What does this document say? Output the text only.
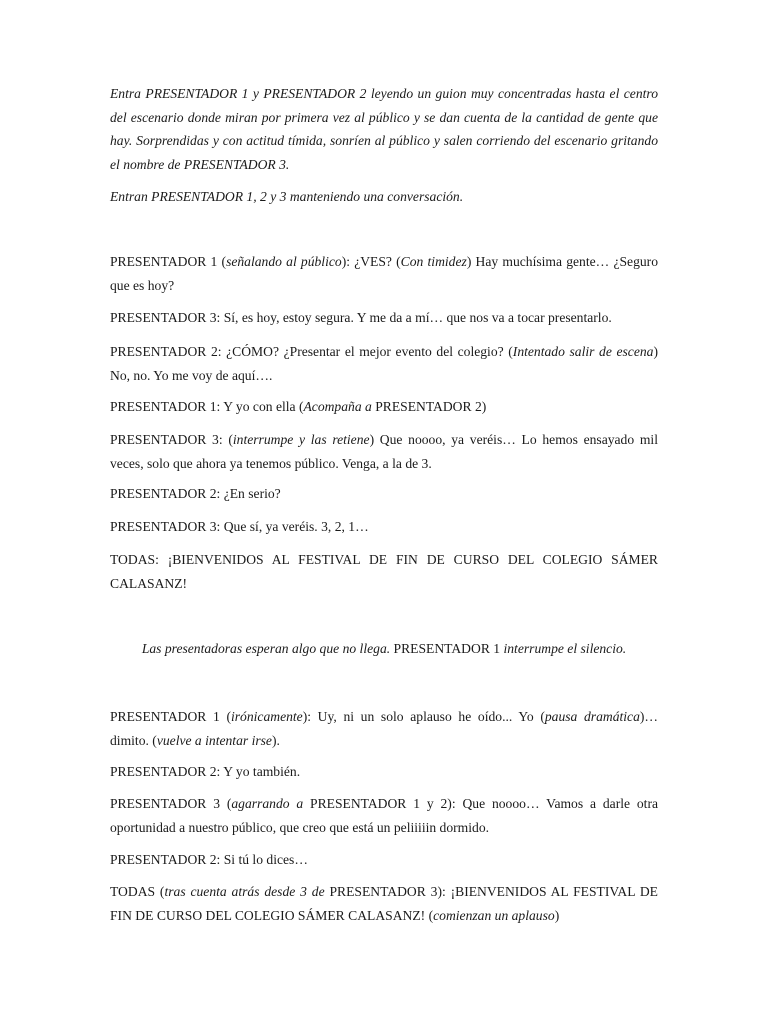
Entra PRESENTADOR 1 y PRESENTADOR 2 leyendo un guion muy concentradas hasta el centro del escenario donde miran por primera vez al público y se dan cuenta de la cantidad de gente que hay. Sorprendidas y con actitud tímida, sonríen al público y salen corriendo del escenario gritando el nombre de PRESENTADOR 3.

Entran PRESENTADOR 1, 2 y 3 manteniendo una conversación.

PRESENTADOR 1 (señalando al público): ¿VES? (Con timidez) Hay muchísima gente… ¿Seguro que es hoy?

PRESENTADOR 3: Sí, es hoy, estoy segura. Y me da a mí… que nos va a tocar presentarlo.

PRESENTADOR 2: ¿CÓMO? ¿Presentar el mejor evento del colegio? (Intentado salir de escena) No, no. Yo me voy de aquí….

PRESENTADOR 1: Y yo con ella (Acompaña a PRESENTADOR 2)

PRESENTADOR 3: (interrumpe y las retiene) Que noooo, ya veréis… Lo hemos ensayado mil veces, solo que ahora ya tenemos público. Venga, a la de 3.

PRESENTADOR 2: ¿En serio?

PRESENTADOR 3: Que sí, ya veréis. 3, 2, 1…

TODAS: ¡BIENVENIDOS AL FESTIVAL DE FIN DE CURSO DEL COLEGIO SÁMER CALASANZ!

Las presentadoras esperan algo que no llega. PRESENTADOR 1 interrumpe el silencio.

PRESENTADOR 1 (irónicamente): Uy, ni un solo aplauso he oído... Yo (pausa dramática)… dimito. (vuelve a intentar irse).

PRESENTADOR 2: Y yo también.

PRESENTADOR 3 (agarrando a PRESENTADOR 1 y 2): Que noooo… Vamos a darle otra oportunidad a nuestro público, que creo que está un peliiiiin dormido.

PRESENTADOR 2: Si tú lo dices…

TODAS (tras cuenta atrás desde 3 de PRESENTADOR 3): ¡BIENVENIDOS AL FESTIVAL DE FIN DE CURSO DEL COLEGIO SÁMER CALASANZ! (comienzan un aplauso)
